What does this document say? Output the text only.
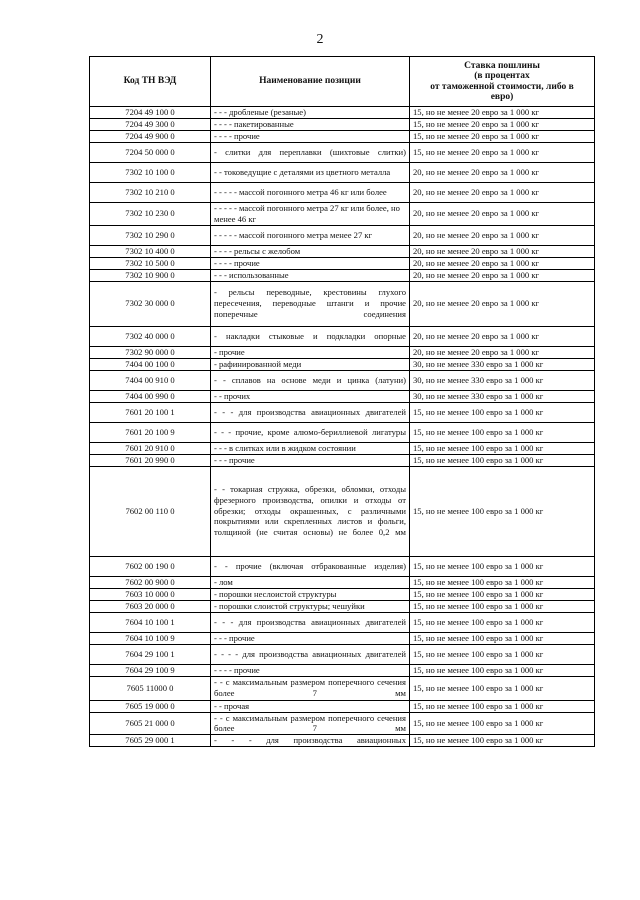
2
Код ТН ВЭД	Наименование позиции	Ставка пошлины
(в процентах
от таможенной стоимости, либо в
евро)
7204 49 100 0	- - - дробленые (резаные)	15, но не менее 20 евро за 1 000 кг
7204 49 300 0	- - - - пакетированные	15, но не менее 20 евро за 1 000 кг
7204 49 900 0	- - - - прочие	15, но не менее 20 евро за 1 000 кг
7204 50 000 0	- слитки для переплавки (шихтовые слитки)	15, но не менее 20 евро за 1 000 кг
7302 10 100 0	- - токоведущие с деталями из цветного металла	20, но не менее 20 евро за 1 000 кг
7302 10 210 0	- - - - - массой погонного метра 46 кг или более	20, но не менее 20 евро за 1 000 кг
7302 10 230 0	- - - - - массой погонного метра 27 кг или более, но менее 46 кг	20, но не менее 20 евро за 1 000 кг
7302 10 290 0	- - - - - массой погонного метра менее 27 кг	20, но не менее 20 евро за 1 000 кг
7302 10 400 0	- - - - рельсы с желобом	20, но не менее 20 евро за 1 000 кг
7302 10 500 0	- - - - прочие	20, но не менее 20 евро за 1 000 кг
7302 10 900 0	- - - использованные	20, но не менее 20 евро за 1 000 кг
7302 30 000 0	- рельсы переводные, крестовины глухого пересечения, переводные штанги и прочие поперечные соединения	20, но не менее 20 евро за 1 000 кг
7302 40 000 0	- накладки стыковые и подкладки опорные	20, но не менее 20 евро за 1 000 кг
7302 90 000 0	- прочие	20, но не менее 20 евро за 1 000 кг
7404 00 100 0	- рафинированной меди	30, но не менее 330 евро за 1 000 кг
7404 00 910 0	- - сплавов на основе меди и цинка (латуни)	30, но не менее 330 евро за 1 000 кг
7404 00 990 0	- - прочих	30, но не менее 330 евро за 1 000 кг
7601 20 100 1	- - - для производства авиационных двигателей	15, но не менее 100 евро за 1 000 кг
7601 20 100 9	- - - прочие, кроме алюмо-бериллиевой лигатуры	15, но не менее 100 евро за 1 000 кг
7601 20 910 0	- - - в слитках или в жидком состоянии	15, но не менее 100 евро за 1 000 кг
7601 20 990 0	- - - прочие	15, но не менее 100 евро за 1 000 кг
7602 00 110 0	- - токарная стружка, обрезки, обломки, отходы фрезерного производства, опилки и отходы от обрезки; отходы окрашенных, с различными покрытиями или скрепленных листов и фольги, толщиной (не считая основы) не более 0,2 мм	15, но не менее 100 евро за 1 000 кг
7602 00 190 0	- - прочие (включая отбракованные изделия)	15, но не менее 100 евро за 1 000 кг
7602 00 900 0	- лом	15, но не менее 100 евро за 1 000 кг
7603 10 000 0	- порошки неслоистой структуры	15, но не менее 100 евро за 1 000 кг
7603 20 000 0	- порошки слоистой структуры; чешуйки	15, но не менее 100 евро за 1 000 кг
7604 10 100 1	- - - для производства авиационных двигателей	15, но не менее 100 евро за 1 000 кг
7604 10 100 9	- - - прочие	15, но не менее 100 евро за 1 000 кг
7604 29 100 1	- - - - для производства авиационных двигателей	15, но не менее 100 евро за 1 000 кг
7604 29 100 9	- - - - прочие	15, но не менее 100 евро за 1 000 кг
7605 11000 0	- - с максимальным размером поперечного сечения более 7 мм	15, но не менее 100 евро за 1 000 кг
7605 19 000 0	- - прочая	15, но не менее 100 евро за 1 000 кг
7605 21 000 0	- - с максимальным размером поперечного сечения более 7 мм	15, но не менее 100 евро за 1 000 кг
7605 29 000 1	- - - для производства авиационных	15, но не менее 100 евро за 1 000 кг
